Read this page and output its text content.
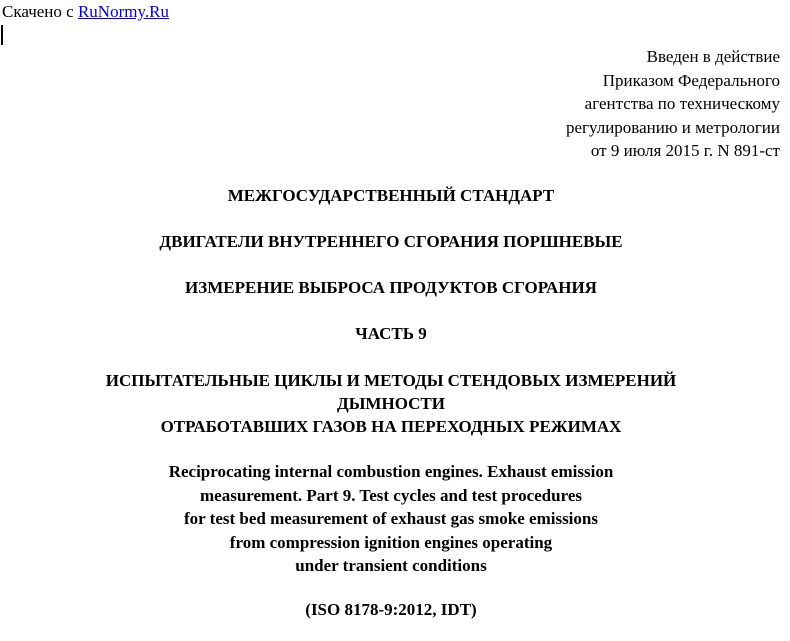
Скачено с RuNormy.Ru
Введен в действие
Приказом Федерального
агентства по техническому
регулированию и метрологии
от 9 июля 2015 г. N 891-ст
МЕЖГОСУДАРСТВЕННЫЙ СТАНДАРТ
ДВИГАТЕЛИ ВНУТРЕННЕГО СГОРАНИЯ ПОРШНЕВЫЕ
ИЗМЕРЕНИЕ ВЫБРОСА ПРОДУКТОВ СГОРАНИЯ
ЧАСТЬ 9
ИСПЫТАТЕЛЬНЫЕ ЦИКЛЫ И МЕТОДЫ СТЕНДОВЫХ ИЗМЕРЕНИЙ
ДЫМНОСТИ
ОТРАБОТАВШИХ ГАЗОВ НА ПЕРЕХОДНЫХ РЕЖИМАХ
Reciprocating internal combustion engines. Exhaust emission
measurement. Part 9. Test cycles and test procedures
for test bed measurement of exhaust gas smoke emissions
from compression ignition engines operating
under transient conditions
(ISO 8178-9:2012, IDT)
